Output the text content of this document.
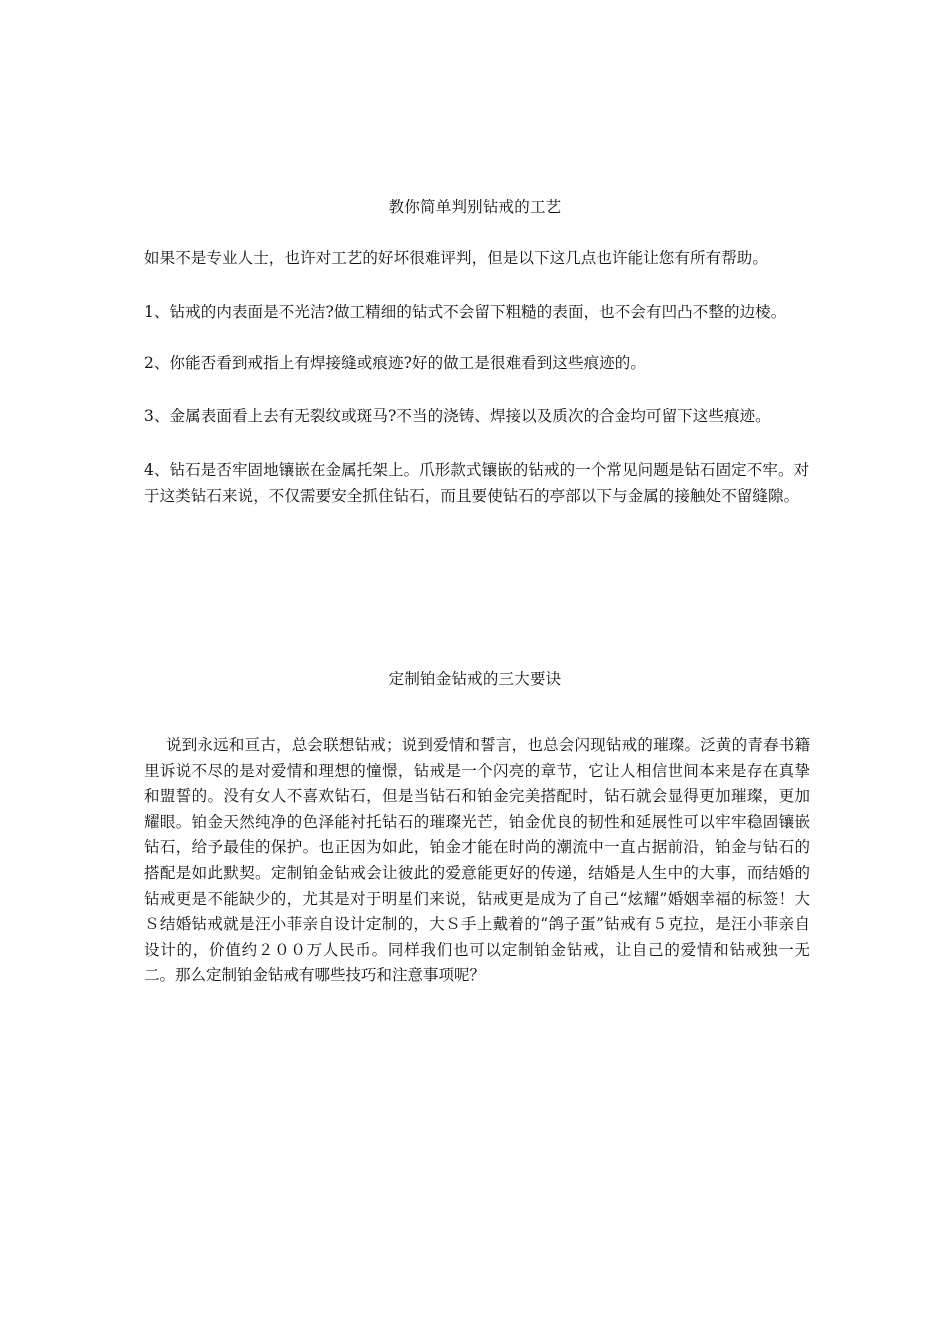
教你简单判别钻戒的工艺

如果不是专业人士，也许对工艺的好坏很难评判，但是以下这几点也许能让您有所有帮助。

1、钻戒的内表面是不光洁?做工精细的钻式不会留下粗糙的表面，也不会有凹凸不整的边棱。

2、你能否看到戒指上有焊接缝或痕迹?好的做工是很难看到这些痕迹的。

3、金属表面看上去有无裂纹或斑马?不当的浇铸、焊接以及质次的合金均可留下这些痕迹。

4、钻石是否牢固地镶嵌在金属托架上。爪形款式镶嵌的钻戒的一个常见问题是钻石固定不牢。对于这类钻石来说，不仅需要安全抓住钻石，而且要使钻石的亭部以下与金属的接触处不留缝隙。

定制铂金钻戒的三大要诀

说到永远和亘古，总会联想钻戒；说到爱情和誓言，也总会闪现钻戒的璀璨。泛黄的青春书籍里诉说不尽的是对爱情和理想的憧憬，钻戒是一个闪亮的章节，它让人相信世间本来是存在真挚和盟誓的。没有女人不喜欢钻石，但是当钻石和铂金完美搭配时，钻石就会显得更加璀璨，更加耀眼。铂金天然纯净的色泽能衬托钻石的璀璨光芒，铂金优良的韧性和延展性可以牢牢稳固镶嵌钻石，给予最佳的保护。也正因为如此，铂金才能在时尚的潮流中一直占据前沿，铂金与钻石的搭配是如此默契。定制铂金钻戒会让彼此的爱意能更好的传递，结婚是人生中的大事，而结婚的钻戒更是不能缺少的，尤其是对于明星们来说，钻戒更是成为了自己“炫耀”婚姻幸福的标签！大Ｓ结婚钻戒就是汪小菲亲自设计定制的，大Ｓ手上戴着的“鸽子蛋”钻戒有５克拉，是汪小菲亲自设计的，价值约２００万人民币。同样我们也可以定制铂金钻戒，让自己的爱情和钻戒独一无二。那么定制铂金钻戒有哪些技巧和注意事项呢？
